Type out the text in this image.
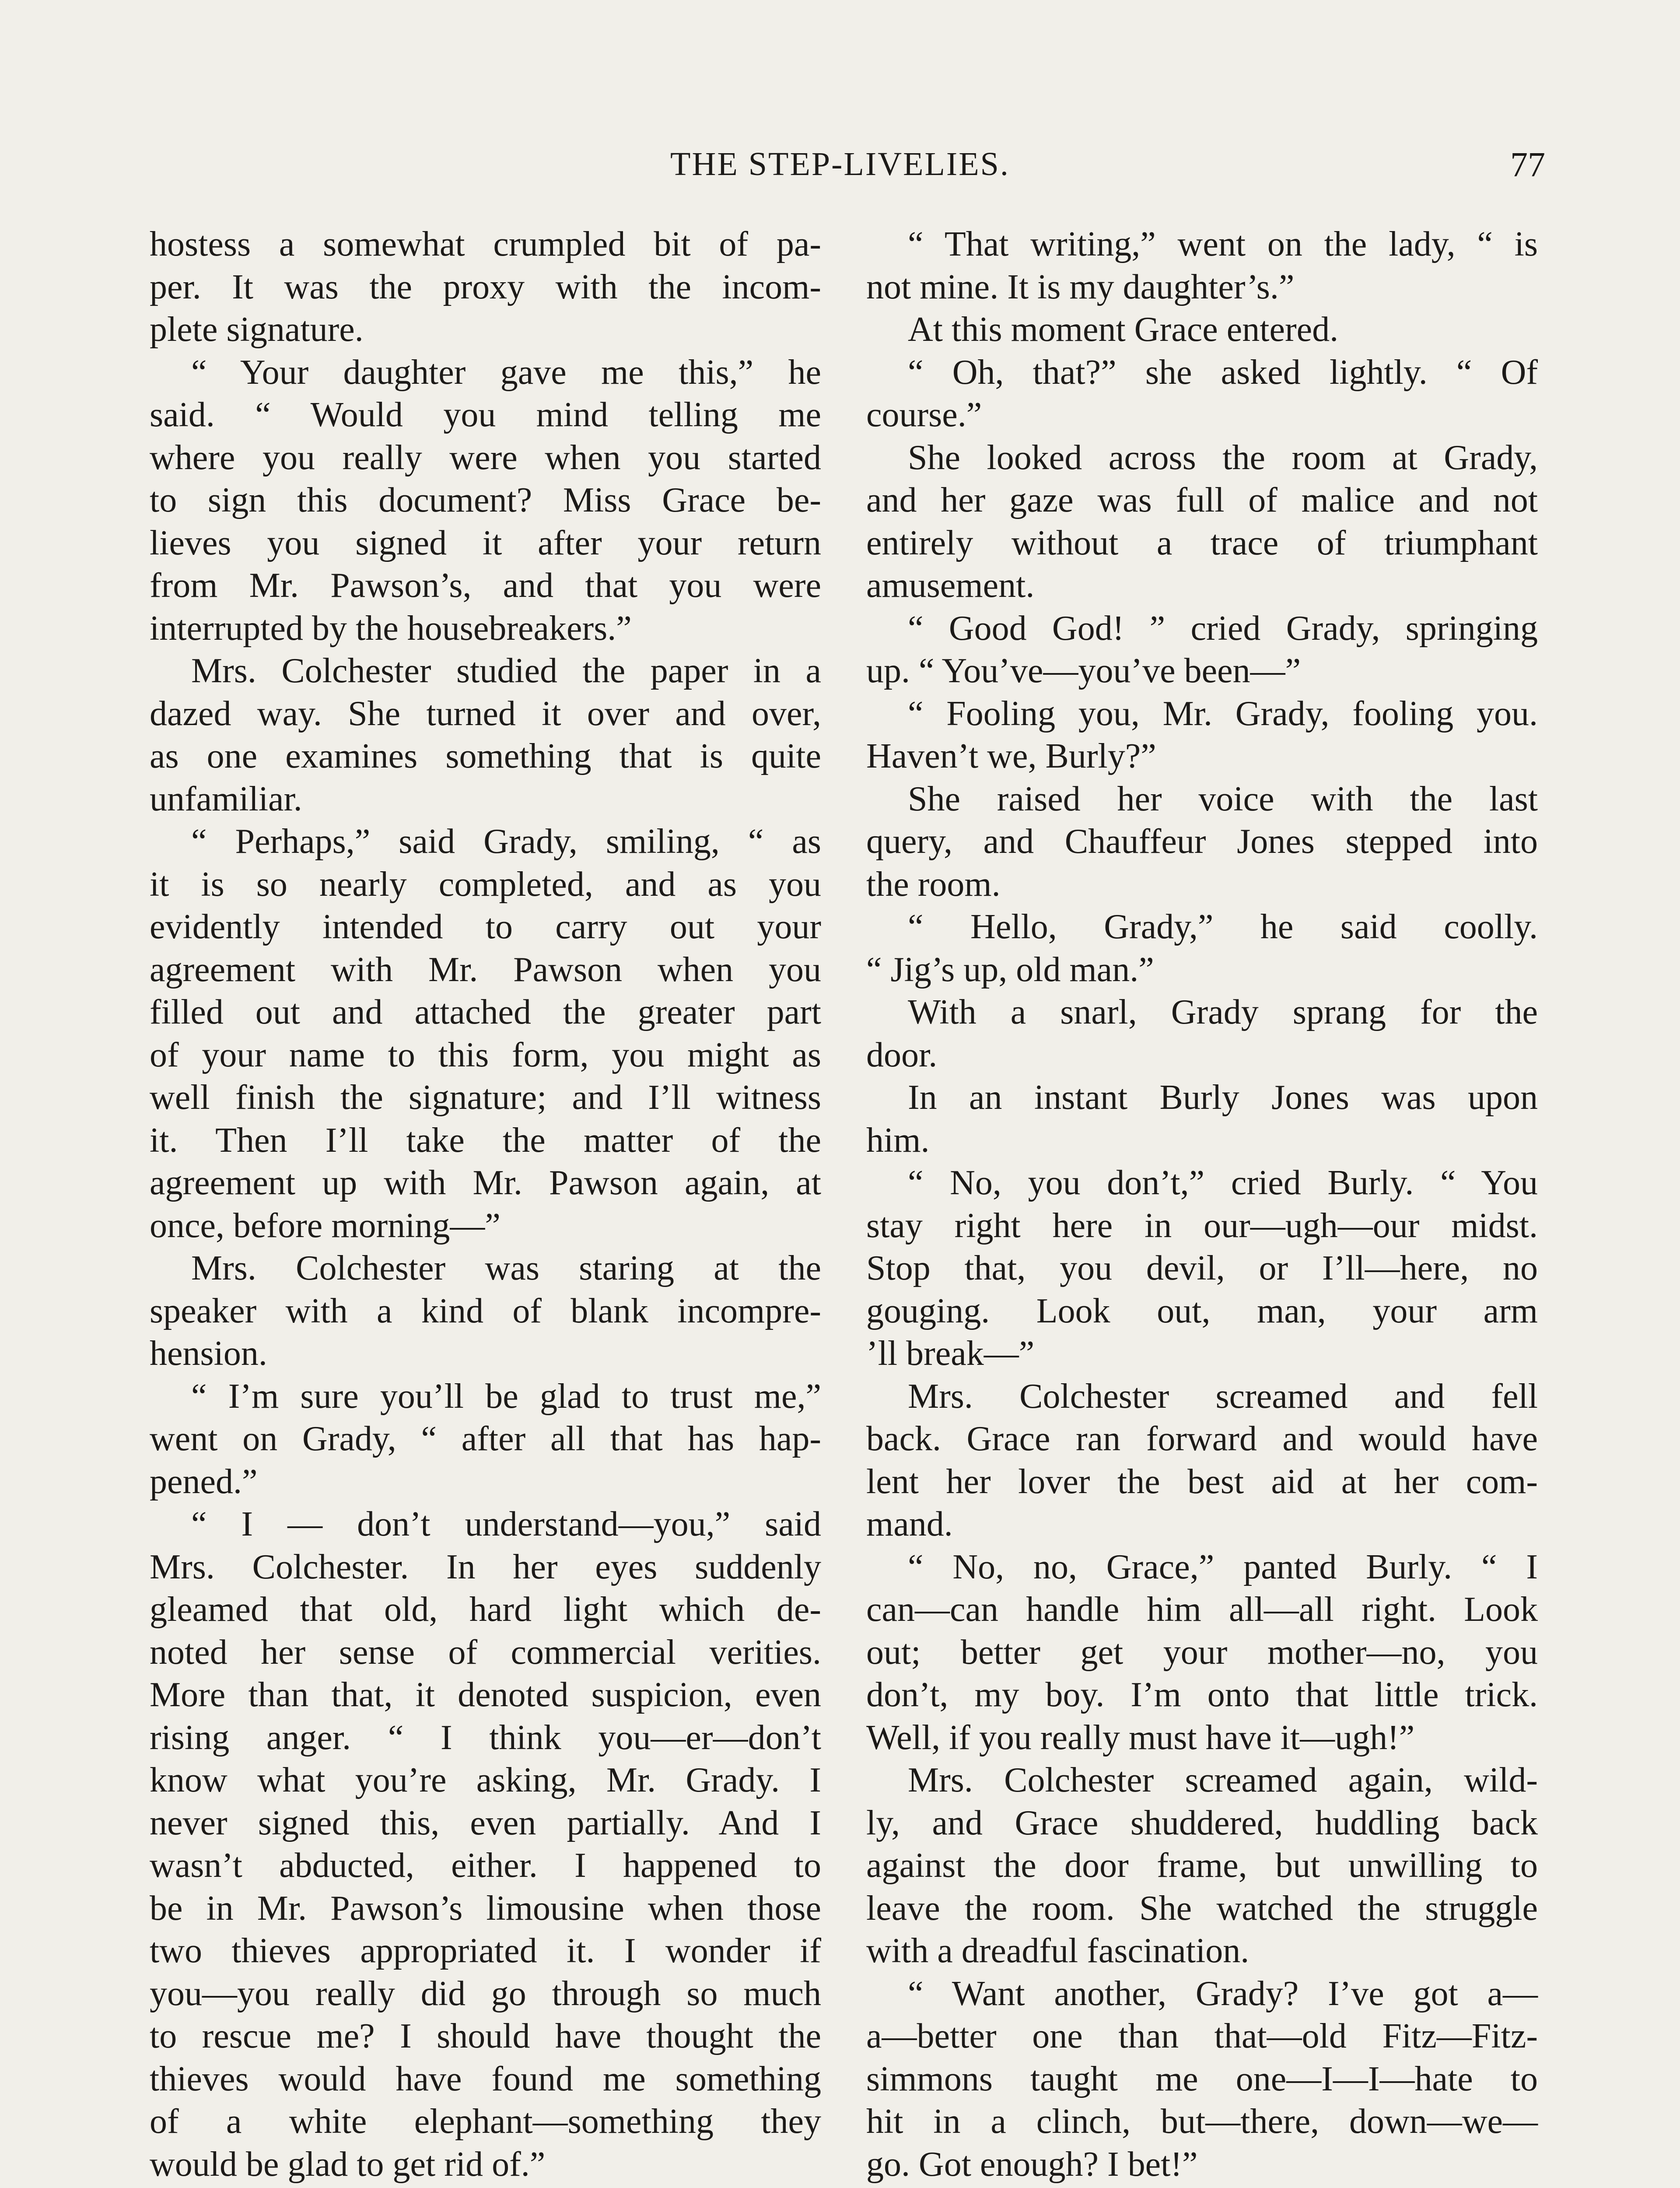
THE STEP-LIVELIES.	77
hostess a somewhat crumpled bit of pa-
per. It was the proxy with the incom-
plete signature.
“ Your daughter gave me this,” he
said. “ Would you mind telling me
where you really were when you started
to sign this document? Miss Grace be-
lieves you signed it after your return
from Mr. Pawson’s, and that you were
interrupted by the housebreakers.”
Mrs. Colchester studied the paper in a
dazed way. She turned it over and over,
as one examines something that is quite
unfamiliar.
“ Perhaps,” said Grady, smiling, “ as
it is so nearly completed, and as you
evidently intended to carry out your
agreement with Mr. Pawson when you
filled out and attached the greater part
of your name to this form, you might as
well finish the signature; and I’ll witness
it. Then I’ll take the matter of the
agreement up with Mr. Pawson again, at
once, before morning—”
Mrs. Colchester was staring at the
speaker with a kind of blank incompre-
hension.
“ I’m sure you’ll be glad to trust me,”
went on Grady, “ after all that has hap-
pened.”
“ I — don’t understand—you,” said
Mrs. Colchester. In her eyes suddenly
gleamed that old, hard light which de-
noted her sense of commercial verities.
More than that, it denoted suspicion, even
rising anger. “ I think you—er—don’t
know what you’re asking, Mr. Grady. I
never signed this, even partially. And I
wasn’t abducted, either. I happened to
be in Mr. Pawson’s limousine when those
two thieves appropriated it. I wonder if
you—you really did go through so much
to rescue me? I should have thought the
thieves would have found me something
of a white elephant—something they
would be glad to get rid of.”
“ That writing,” went on the lady, “ is
not mine. It is my daughter’s.”
At this moment Grace entered.
“ Oh, that?” she asked lightly. “ Of
course.”
She looked across the room at Grady,
and her gaze was full of malice and not
entirely without a trace of triumphant
amusement.
“ Good God! ” cried Grady, springing
up. “ You’ve—you’ve been—”
“ Fooling you, Mr. Grady, fooling you.
Haven’t we, Burly?”
She raised her voice with the last
query, and Chauffeur Jones stepped into
the room.
“ Hello, Grady,” he said coolly.
“ Jig’s up, old man.”
With a snarl, Grady sprang for the
door.
In an instant Burly Jones was upon
him.
“ No, you don’t,” cried Burly. “ You
stay right here in our—ugh—our midst.
Stop that, you devil, or I’ll—here, no
gouging. Look out, man, your arm
’ll break—”
Mrs. Colchester screamed and fell
back. Grace ran forward and would have
lent her lover the best aid at her com-
mand.
“ No, no, Grace,” panted Burly. “ I
can—can handle him all—all right. Look
out; better get your mother—no, you
don’t, my boy. I’m onto that little trick.
Well, if you really must have it—ugh!”
Mrs. Colchester screamed again, wild-
ly, and Grace shuddered, huddling back
against the door frame, but unwilling to
leave the room. She watched the struggle
with a dreadful fascination.
“ Want another, Grady? I’ve got a—
a—better one than that—old Fitz—Fitz-
simmons taught me one—I—I—hate to
hit in a clinch, but—there, down—we—
go. Got enough? I bet!”
